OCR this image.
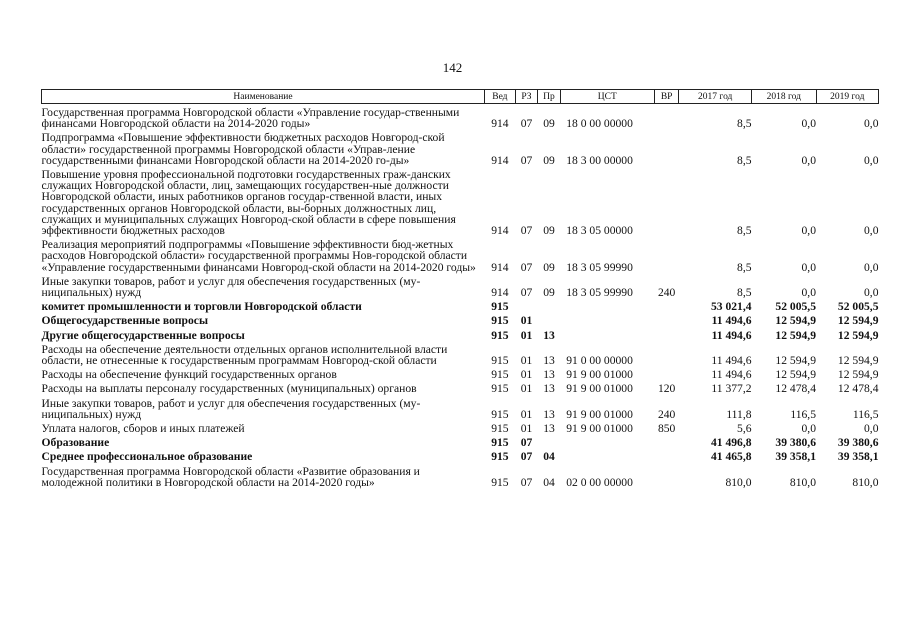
142
Наименование	Вед	РЗ	Пр	ЦСТ	ВР	2017 год	2018 год	2019 год
Государственная программа Новгородской области «Управление государ-ственными финансами Новгородской области на 2014-2020 годы»	914	07	09	18 0 00 00000		8,5	0,0	0,0
Подпрограмма «Повышение эффективности бюджетных расходов Новгород-ской области» государственной программы Новгородской области «Управ-ление государственными финансами Новгородской области на 2014-2020 го-ды»	914	07	09	18 3 00 00000		8,5	0,0	0,0
Повышение уровня профессиональной подготовки государственных граж-данских служащих Новгородской области, лиц, замещающих государствен-ные должности Новгородской области, иных работников органов государ-ственной власти, иных государственных органов Новгородской области, вы-борных должностных лиц, служащих и муниципальных служащих Новгород-ской области в сфере повышения эффективности бюджетных расходов	914	07	09	18 3 05 00000		8,5	0,0	0,0
Реализация мероприятий подпрограммы «Повышение эффективности бюд-жетных расходов Новгородской области» государственной программы Нов-городской области «Управление государственными финансами Новгород-ской области на 2014-2020 годы»	914	07	09	18 3 05 99990		8,5	0,0	0,0
Иные закупки товаров, работ и услуг для обеспечения государственных (му-ниципальных) нужд	914	07	09	18 3 05 99990	240	8,5	0,0	0,0
комитет промышленности и торговли Новгородской области	915					53 021,4	52 005,5	52 005,5
Общегосударственные вопросы	915	01				11 494,6	12 594,9	12 594,9
Другие общегосударственные вопросы	915	01	13			11 494,6	12 594,9	12 594,9
Расходы на обеспечение деятельности отдельных органов исполнительной власти области, не отнесенные к государственным программам Новгород-ской области	915	01	13	91 0 00 00000		11 494,6	12 594,9	12 594,9
Расходы на обеспечение функций государственных органов	915	01	13	91 9 00 01000		11 494,6	12 594,9	12 594,9
Расходы на выплаты персоналу государственных (муниципальных) органов	915	01	13	91 9 00 01000	120	11 377,2	12 478,4	12 478,4
Иные закупки товаров, работ и услуг для обеспечения государственных (му-ниципальных) нужд	915	01	13	91 9 00 01000	240	111,8	116,5	116,5
Уплата налогов, сборов и иных платежей	915	01	13	91 9 00 01000	850	5,6	0,0	0,0
Образование	915	07				41 496,8	39 380,6	39 380,6
Среднее профессиональное образование	915	07	04			41 465,8	39 358,1	39 358,1
Государственная программа Новгородской области «Развитие образования и молодежной политики в Новгородской области на 2014-2020 годы»	915	07	04	02 0 00 00000		810,0	810,0	810,0
